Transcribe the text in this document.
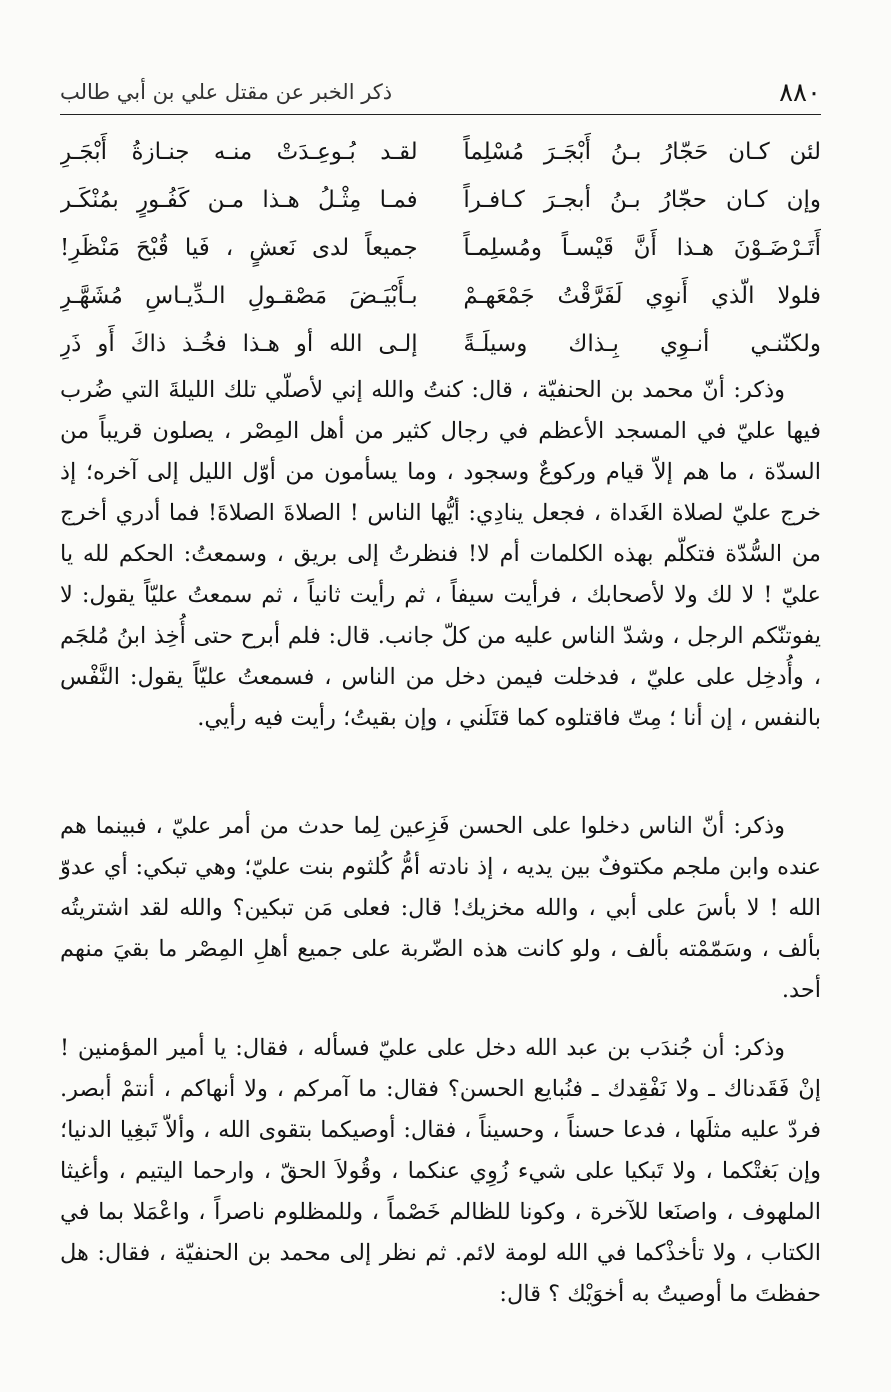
٨٨٠
ذكر الخبر عن مقتل علي بن أبي طالب
لئن كـان حَجّارُ بـنُ أَبْجَـرَ مُسْلِماً
لقـد بُـوعِـدَتْ منـه جنـازةُ أَبْجَـرِ
وإن كـان حجّارُ بـنُ أبجـرَ كـافـراً
فمـا مِثْـلُ هـذا مـن كَفُـورٍ بمُنْكَـر
أَتَـرْضَـوْنَ هـذا أَنَّ قَيْسـاً ومُسلِمـاً
جميعاً لدى نَعشٍ ، فَيا قُبْحَ مَنْظَرِ!
فلولا الّذي أَنوِي لَفَرَّقْتُ جَمْعَهـمْ
بـأَبْيَـضَ مَصْقـولِ الـدِّيـاسِ مُشَهَّـرِ
ولكنّنـي أنـوِي بِـذاك وسيلَـةً
إلـى الله أو هـذا فخُـذ ذاكَ أَو ذَرِ

وذكر: أنّ محمد بن الحنفيّة ، قال: كنتُ والله إني لأصلّي تلك الليلةَ التي ضُرب فيها عليّ في المسجد الأعظم في رجال كثير من أهل المِصْر ، يصلون قريباً من السدّة ، ما هم إلاّ قيام وركوعٌ وسجود ، وما يسأمون من أوّل الليل إلى آخره؛ إذ خرج عليّ لصلاة الغَداة ، فجعل ينادِي: أيُّها الناس ! الصلاةَ الصلاةَ! فما أدري أخرج من السُّدّة فتكلّم بهذه الكلمات أم لا! فنظرتُ إلى بريق ، وسمعتُ: الحكم لله يا عليّ ! لا لك ولا لأصحابك ، فرأيت سيفاً ، ثم رأيت ثانياً ، ثم سمعتُ عليّاً يقول: لا يفوتنّكم الرجل ، وشدّ الناس عليه من كلّ جانب. قال: فلم أبرح حتى أُخِذ ابنُ مُلجَم ، وأُدخِل على عليّ ، فدخلت فيمن دخل من الناس ، فسمعتُ عليّاً يقول: النَّفْس بالنفس ، إن أنا ؛ مِتّ فاقتلوه كما قتَلَني ، وإن بقيتُ؛ رأيت فيه رأيي.

وذكر: أنّ الناس دخلوا على الحسن فَزِعين لِما حدث من أمر عليّ ، فبينما هم عنده وابن ملجم مكتوفٌ بين يديه ، إذ نادته أمُّ كُلثوم بنت عليّ؛ وهي تبكي: أي عدوّ الله ! لا بأسَ على أبي ، والله مخزيك! قال: فعلى مَن تبكين؟ والله لقد اشتريتُه بألف ، وسَمّمْته بألف ، ولو كانت هذه الضّربة على جميع أهلِ المِصْر ما بقيَ منهم أحد.

وذكر: أن جُندَب بن عبد الله دخل على عليّ فسأله ، فقال: يا أمير المؤمنين ! إنْ فَقَدناك ـ ولا نَفْقِدك ـ فنُبايع الحسن؟ فقال: ما آمركم ، ولا أنهاكم ، أنتمْ أبصر. فردّ عليه مثلَها ، فدعا حسناً ، وحسيناً ، فقال: أوصيكما بتقوى الله ، وألاّ تَبغِيا الدنيا؛ وإن بَغتْكما ، ولا تَبكيا على شيء زُوِي عنكما ، وقُولاَ الحقّ ، وارحما اليتيم ، وأغيثا الملهوف ، واصنَعا للآخرة ، وكونا للظالم خَصْماً ، وللمظلوم ناصراً ، واعْمَلا بما في الكتاب ، ولا تأخذْكما في الله لومة لائم. ثم نظر إلى محمد بن الحنفيّة ، فقال: هل حفظتَ ما أوصيتُ به أخوَيْك ؟ قال:
